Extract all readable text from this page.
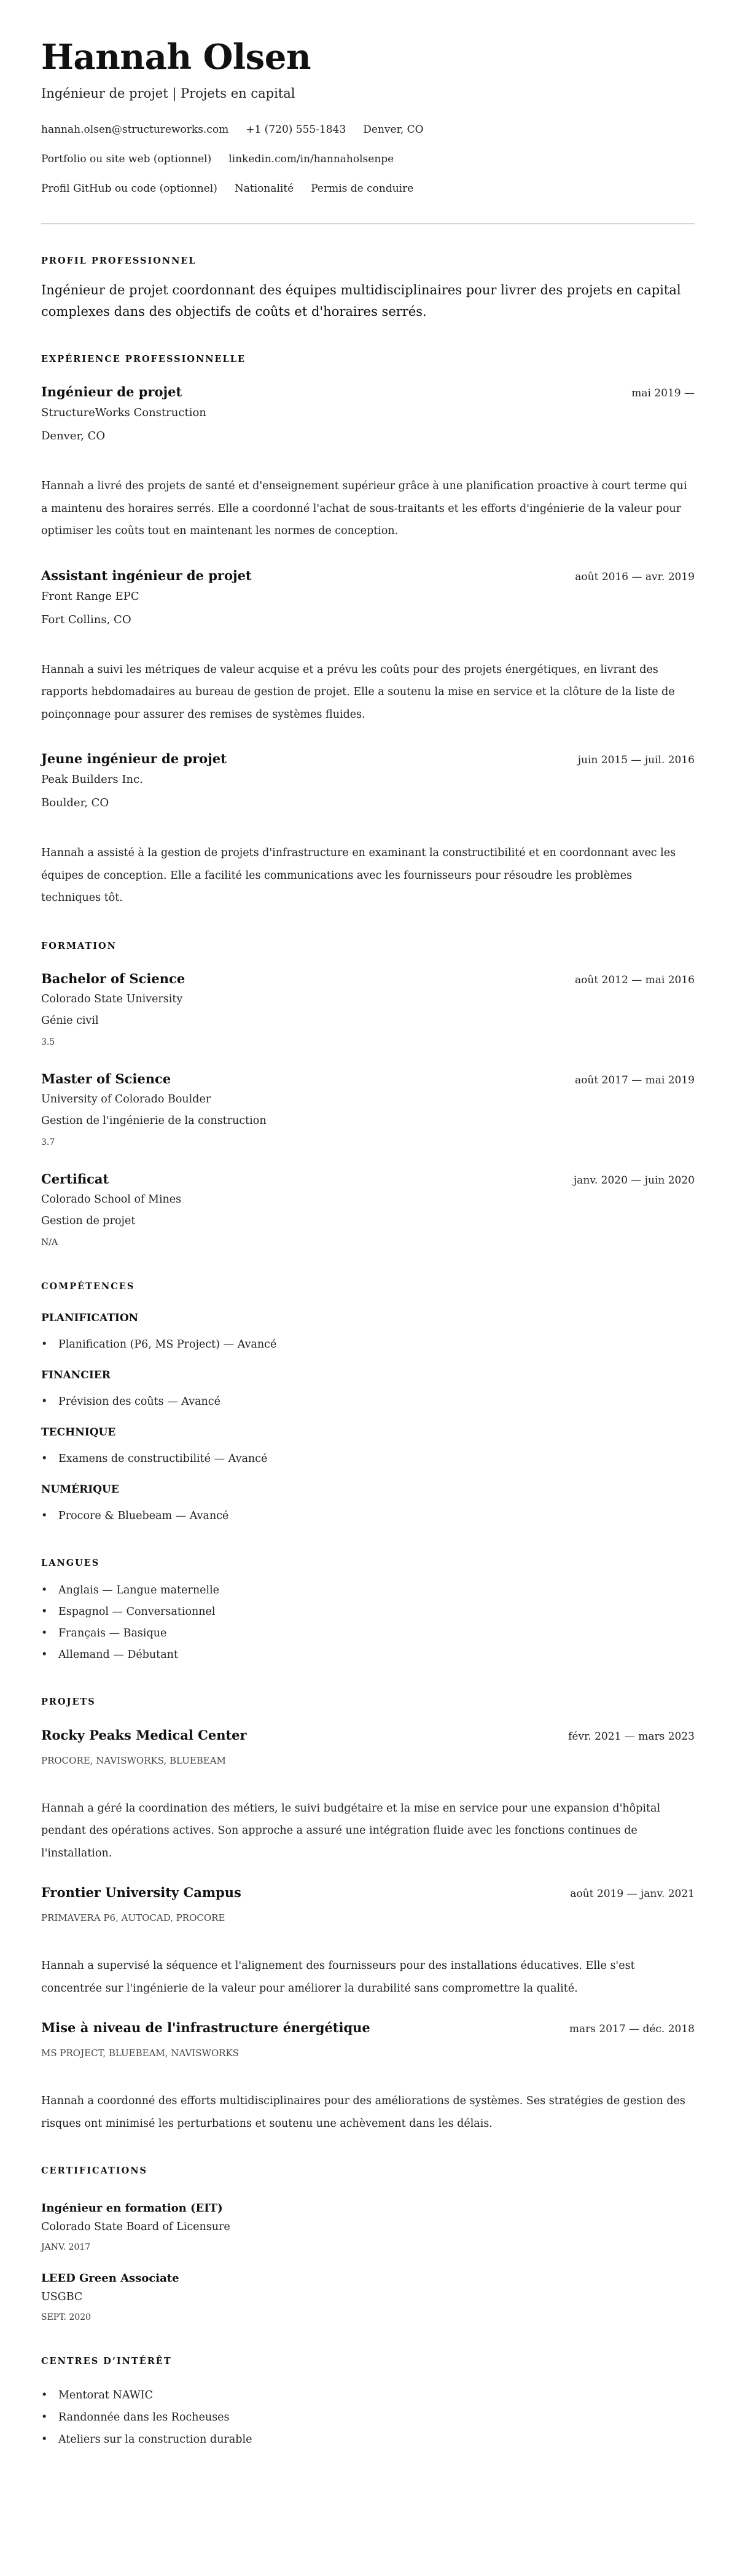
Hannah Olsen
Ingénieur de projet | Projets en capital
hannah.olsen@structureworks.com +1 (720) 555-1843 Denver, CO
Portfolio ou site web (optionnel) linkedin.com/in/hannaholsenpe
Profil GitHub ou code (optionnel) Nationalité Permis de conduire
PROFIL PROFESSIONNEL

Ingénieur de projet coordonnant des équipes multidisciplinaires pour livrer des projets en capital complexes dans des objectifs de coûts et d'horaires serrés.

EXPÉRIENCE PROFESSIONNELLE
Ingénieur de projet	mai 2019 —
StructureWorks Construction
Denver, CO

Hannah a livré des projets de santé et d'enseignement supérieur grâce à une planification proactive à court terme qui a maintenu des horaires serrés. Elle a coordonné l'achat de sous-traitants et les efforts d'ingénierie de la valeur pour optimiser les coûts tout en maintenant les normes de conception.

Assistant ingénieur de projet	août 2016 — avr. 2019
Front Range EPC
Fort Collins, CO

Hannah a suivi les métriques de valeur acquise et a prévu les coûts pour des projets énergétiques, en livrant des rapports hebdomadaires au bureau de gestion de projet. Elle a soutenu la mise en service et la clôture de la liste de poinçonnage pour assurer des remises de systèmes fluides.

Jeune ingénieur de projet	juin 2015 — juil. 2016
Peak Builders Inc.
Boulder, CO

Hannah a assisté à la gestion de projets d'infrastructure en examinant la constructibilité et en coordonnant avec les équipes de conception. Elle a facilité les communications avec les fournisseurs pour résoudre les problèmes techniques tôt.

FORMATION
Bachelor of Science	août 2012 — mai 2016
Colorado State University
Génie civil
3.5
Master of Science	août 2017 — mai 2019
University of Colorado Boulder
Gestion de l'ingénierie de la construction
3.7
Certificat	janv. 2020 — juin 2020
Colorado School of Mines
Gestion de projet
N/A
COMPÉTENCES
PLANIFICATION
• Planification (P6, MS Project) — Avancé
FINANCIER
• Prévision des coûts — Avancé
TECHNIQUE
• Examens de constructibilité — Avancé
NUMÉRIQUE
• Procore & Bluebeam — Avancé
LANGUES
• Anglais — Langue maternelle
• Espagnol — Conversationnel
• Français — Basique
• Allemand — Débutant
PROJETS
Rocky Peaks Medical Center	févr. 2021 — mars 2023
PROCORE, NAVISWORKS, BLUEBEAM

Hannah a géré la coordination des métiers, le suivi budgétaire et la mise en service pour une expansion d'hôpital pendant des opérations actives. Son approche a assuré une intégration fluide avec les fonctions continues de l'installation.

Frontier University Campus	août 2019 — janv. 2021
PRIMAVERA P6, AUTOCAD, PROCORE

Hannah a supervisé la séquence et l'alignement des fournisseurs pour des installations éducatives. Elle s'est concentrée sur l'ingénierie de la valeur pour améliorer la durabilité sans compromettre la qualité.

Mise à niveau de l'infrastructure énergétique	mars 2017 — déc. 2018
MS PROJECT, BLUEBEAM, NAVISWORKS

Hannah a coordonné des efforts multidisciplinaires pour des améliorations de systèmes. Ses stratégies de gestion des risques ont minimisé les perturbations et soutenu une achèvement dans les délais.

CERTIFICATIONS
Ingénieur en formation (EIT)
Colorado State Board of Licensure
JANV. 2017
LEED Green Associate
USGBC
SEPT. 2020
CENTRES D’INTÉRÊT
• Mentorat NAWIC
• Randonnée dans les Rocheuses
• Ateliers sur la construction durable
